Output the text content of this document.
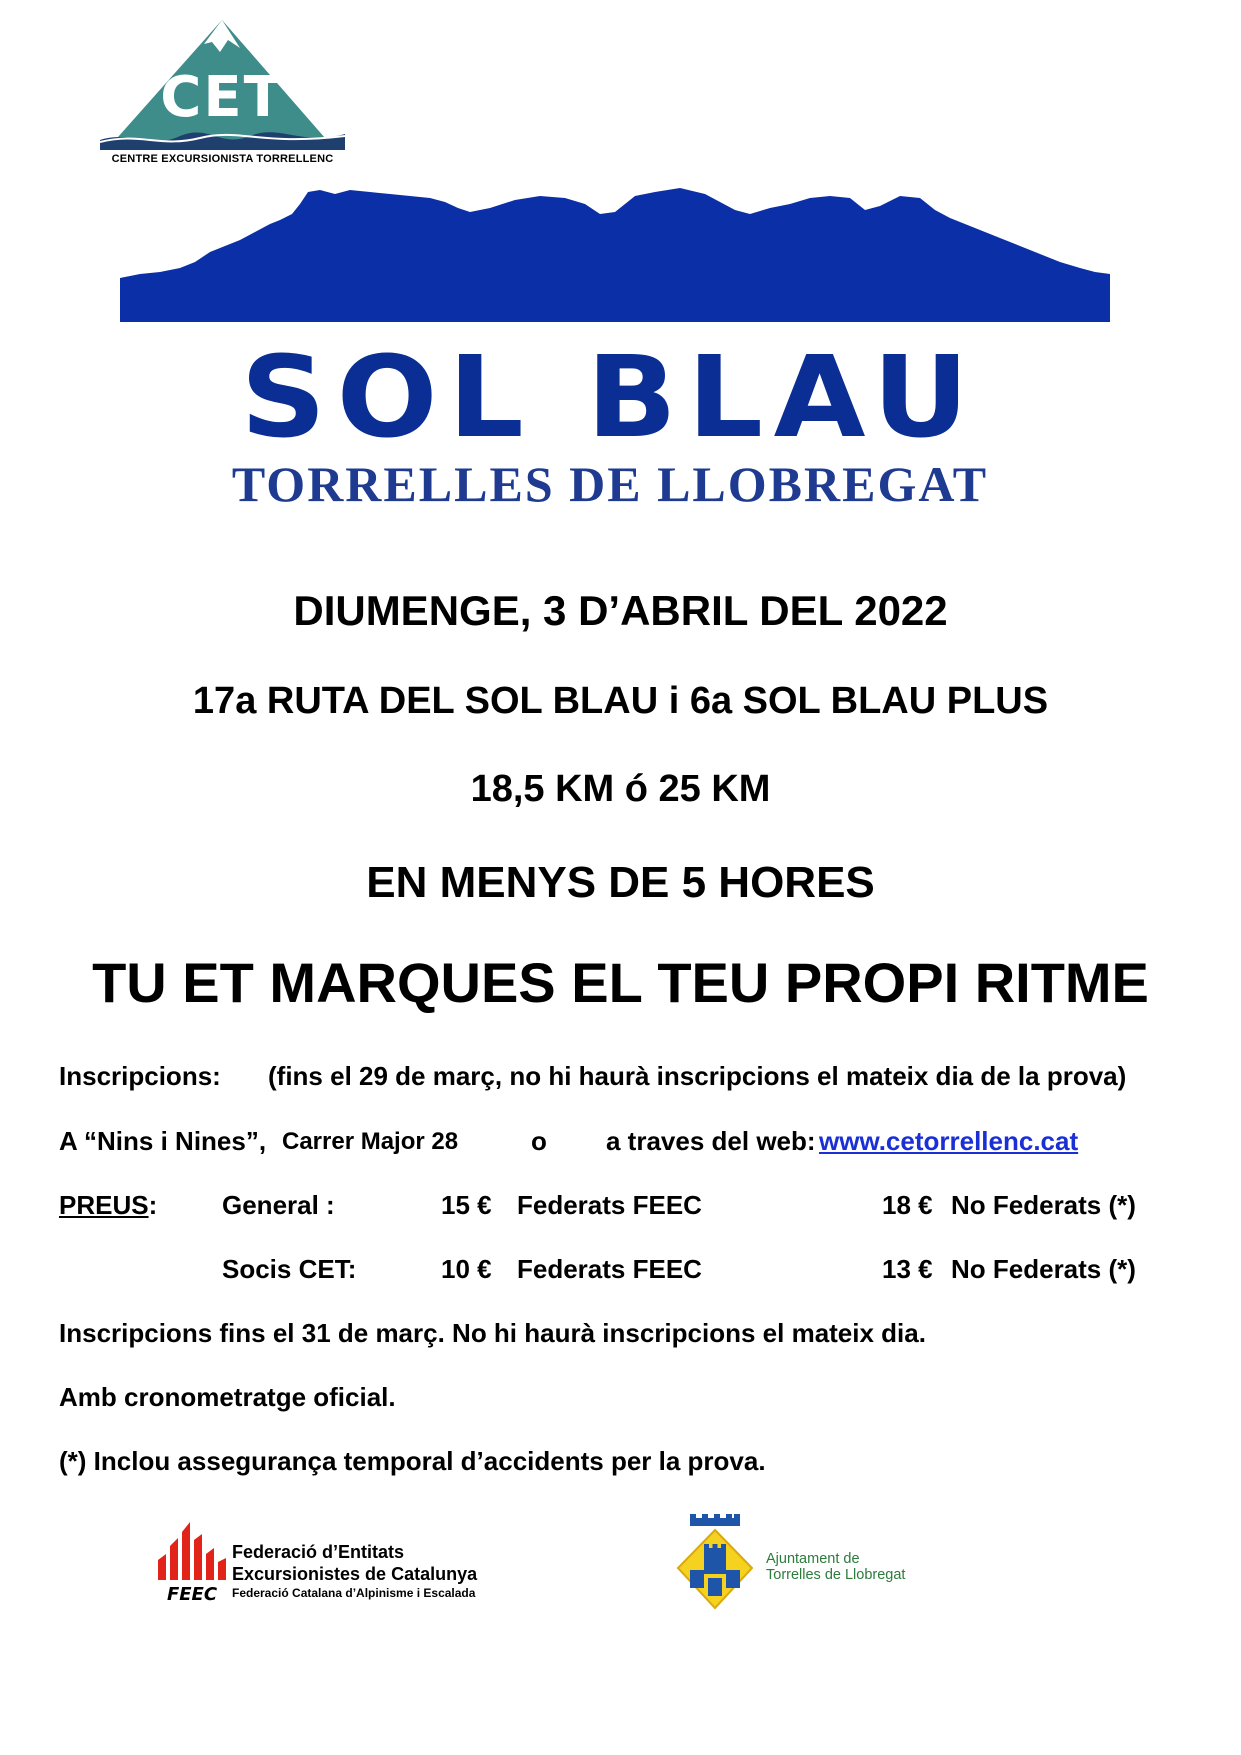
CET
CENTRE EXCURSIONISTA TORRELLENC
SOL BLAU
TORRELLES DE LLOBREGAT
DIUMENGE, 3 D’ABRIL DEL 2022
17a RUTA DEL SOL BLAU i 6a SOL BLAU PLUS
18,5 KM ó 25 KM
EN MENYS DE 5 HORES
TU ET MARQUES EL TEU PROPI RITME
Inscripcions: (fins el 29 de març, no hi haurà inscripcions el mateix dia de la prova)
A “Nins i Nines”, Carrer Major 28	o a traves del web: www.cetorrellenc.cat
PREUS: General :	15 € Federats FEEC	18 € No Federats (*)
Socis CET:	10 € Federats FEEC	13 € No Federats (*)
Inscripcions fins el 31 de març. No hi haurà inscripcions el mateix dia.
Amb cronometratge oficial.
(*) Inclou assegurança temporal d’accidents per la prova.
FEEC
Federació d’Entitats
Excursionistes de Catalunya
Federació Catalana d’Alpinisme i Escalada
Ajuntament de
Torrelles de Llobregat
